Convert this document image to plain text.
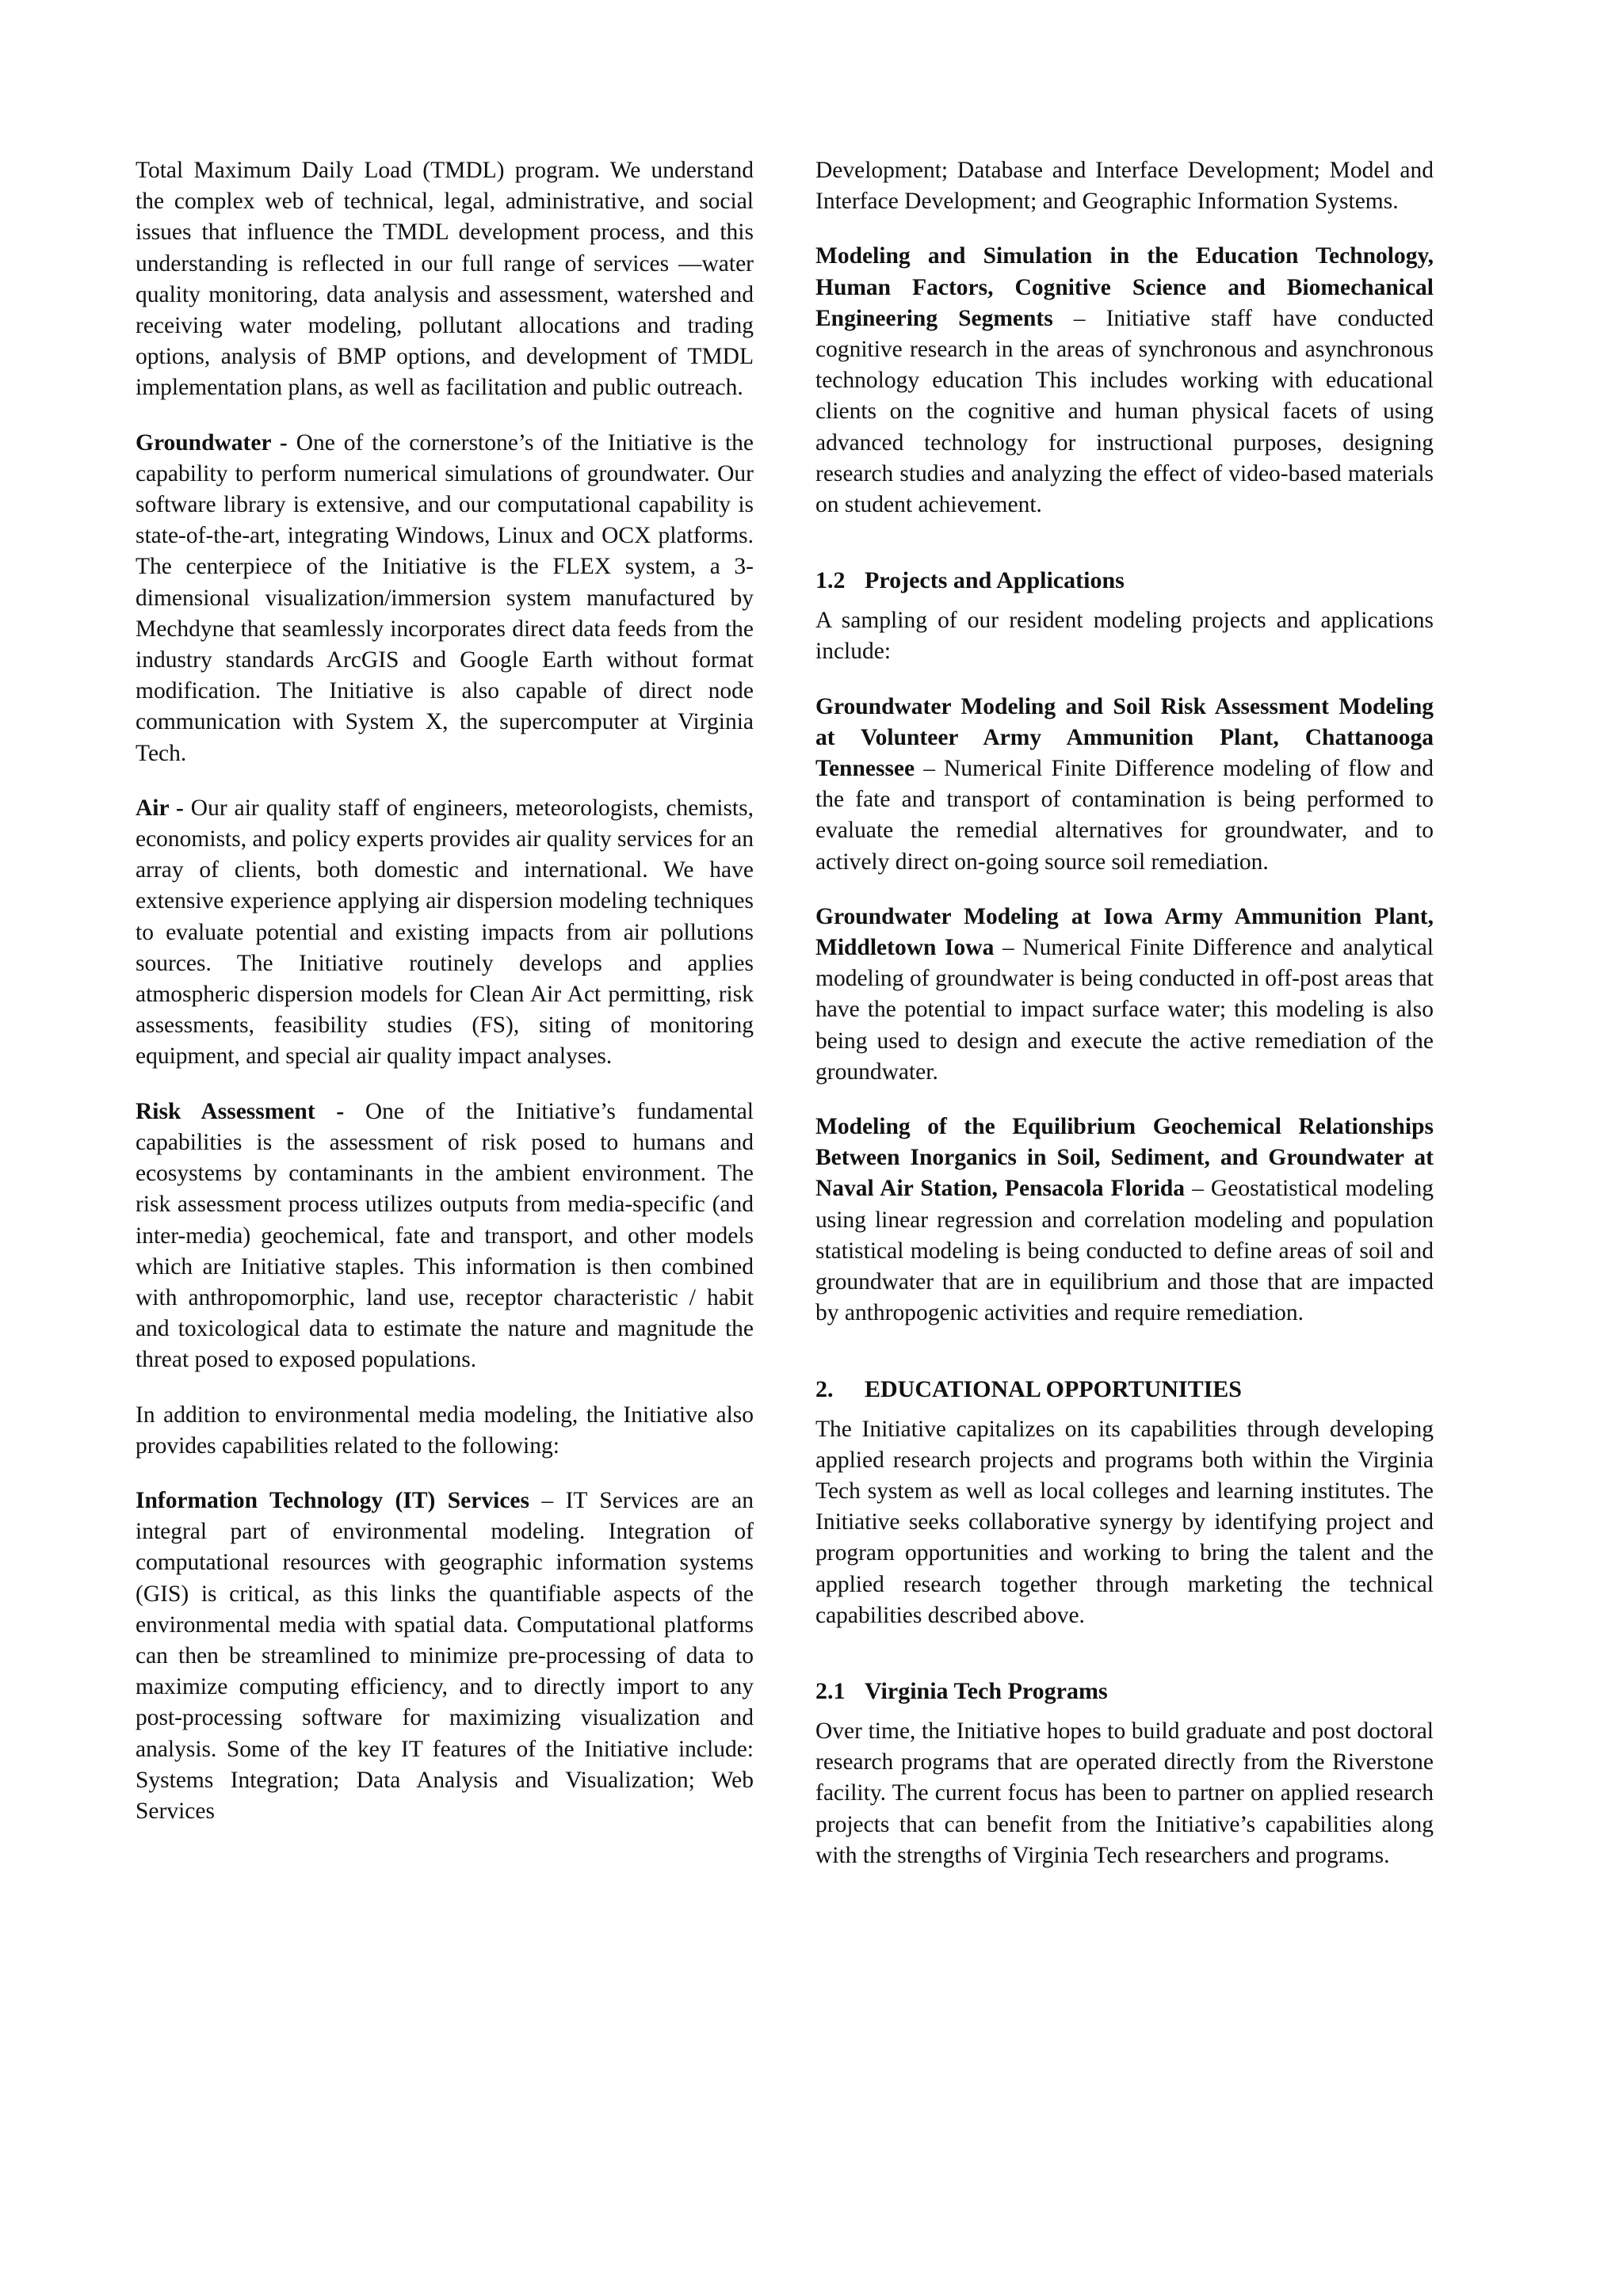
Total Maximum Daily Load (TMDL) program. We understand the complex web of technical, legal, administrative, and social issues that influence the TMDL development process, and this understanding is reflected in our full range of services —water quality monitoring, data analysis and assessment, watershed and receiving water modeling, pollutant allocations and trading options, analysis of BMP options, and development of TMDL implementation plans, as well as facilitation and public outreach.

Groundwater - One of the cornerstone’s of the Initiative is the capability to perform numerical simulations of groundwater. Our software library is extensive, and our computational capability is state-of-the-art, integrating Windows, Linux and OCX platforms. The centerpiece of the Initiative is the FLEX system, a 3-dimensional visualization/immersion system manufactured by Mechdyne that seamlessly incorporates direct data feeds from the industry standards ArcGIS and Google Earth without format modification. The Initiative is also capable of direct node communication with System X, the supercomputer at Virginia Tech.

Air - Our air quality staff of engineers, meteorologists, chemists, economists, and policy experts provides air quality services for an array of clients, both domestic and international. We have extensive experience applying air dispersion modeling techniques to evaluate potential and existing impacts from air pollutions sources. The Initiative routinely develops and applies atmospheric dispersion models for Clean Air Act permitting, risk assessments, feasibility studies (FS), siting of monitoring equipment, and special air quality impact analyses.

Risk Assessment - One of the Initiative’s fundamental capabilities is the assessment of risk posed to humans and ecosystems by contaminants in the ambient environment. The risk assessment process utilizes outputs from media-specific (and inter-media) geochemical, fate and transport, and other models which are Initiative staples. This information is then combined with anthropomorphic, land use, receptor characteristic / habit and toxicological data to estimate the nature and magnitude the threat posed to exposed populations.

In addition to environmental media modeling, the Initiative also provides capabilities related to the following:

Information Technology (IT) Services – IT Services are an integral part of environmental modeling. Integration of computational resources with geographic information systems (GIS) is critical, as this links the quantifiable aspects of the environmental media with spatial data. Computational platforms can then be streamlined to minimize pre-processing of data to maximize computing efficiency, and to directly import to any post-processing software for maximizing visualization and analysis. Some of the key IT features of the Initiative include: Systems Integration; Data Analysis and Visualization; Web Services

Development; Database and Interface Development; Model and Interface Development; and Geographic Information Systems.

Modeling and Simulation in the Education Technology, Human Factors, Cognitive Science and Biomechanical Engineering Segments – Initiative staff have conducted cognitive research in the areas of synchronous and asynchronous technology education This includes working with educational clients on the cognitive and human physical facets of using advanced technology for instructional purposes, designing research studies and analyzing the effect of video-based materials on student achievement.

1.2 Projects and Applications

A sampling of our resident modeling projects and applications include:

Groundwater Modeling and Soil Risk Assessment Modeling at Volunteer Army Ammunition Plant, Chattanooga Tennessee – Numerical Finite Difference modeling of flow and the fate and transport of contamination is being performed to evaluate the remedial alternatives for groundwater, and to actively direct on-going source soil remediation.

Groundwater Modeling at Iowa Army Ammunition Plant, Middletown Iowa – Numerical Finite Difference and analytical modeling of groundwater is being conducted in off-post areas that have the potential to impact surface water; this modeling is also being used to design and execute the active remediation of the groundwater.

Modeling of the Equilibrium Geochemical Relationships Between Inorganics in Soil, Sediment, and Groundwater at Naval Air Station, Pensacola Florida – Geostatistical modeling using linear regression and correlation modeling and population statistical modeling is being conducted to define areas of soil and groundwater that are in equilibrium and those that are impacted by anthropogenic activities and require remediation.

2. EDUCATIONAL OPPORTUNITIES

The Initiative capitalizes on its capabilities through developing applied research projects and programs both within the Virginia Tech system as well as local colleges and learning institutes. The Initiative seeks collaborative synergy by identifying project and program opportunities and working to bring the talent and the applied research together through marketing the technical capabilities described above.

2.1 Virginia Tech Programs

Over time, the Initiative hopes to build graduate and post doctoral research programs that are operated directly from the Riverstone facility. The current focus has been to partner on applied research projects that can benefit from the Initiative’s capabilities along with the strengths of Virginia Tech researchers and programs.
